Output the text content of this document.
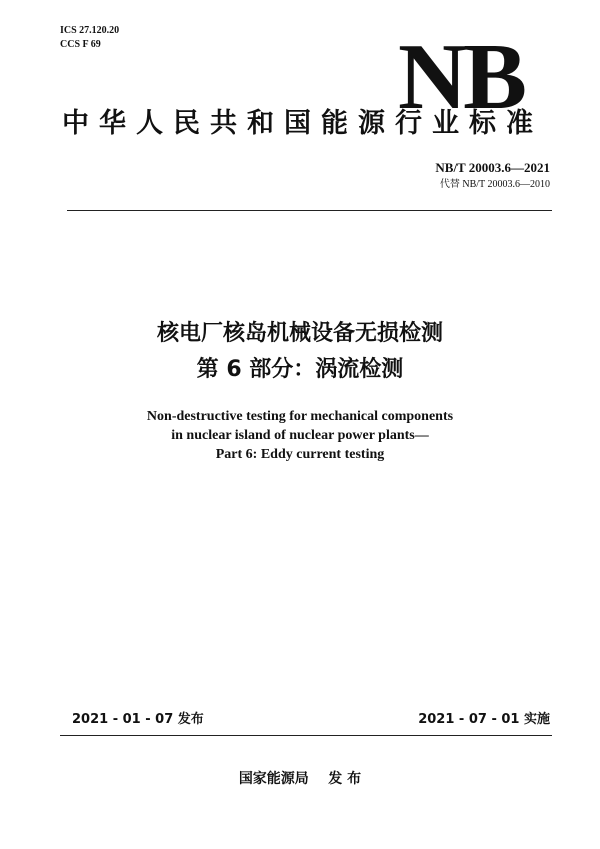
ICS 27.120.20
CCS F 69	NB
中华人民共和国能源行业标准
NB/T 20003.6—2021
代替 NB/T 20003.6—2010
核电厂核岛机械设备无损检测
第 6 部分：涡流检测
Non-destructive testing for mechanical components
in nuclear island of nuclear power plants—
Part 6: Eddy current testing
2021 - 01 - 07 发布	2021 - 07 - 01 实施
国家能源局    发 布
